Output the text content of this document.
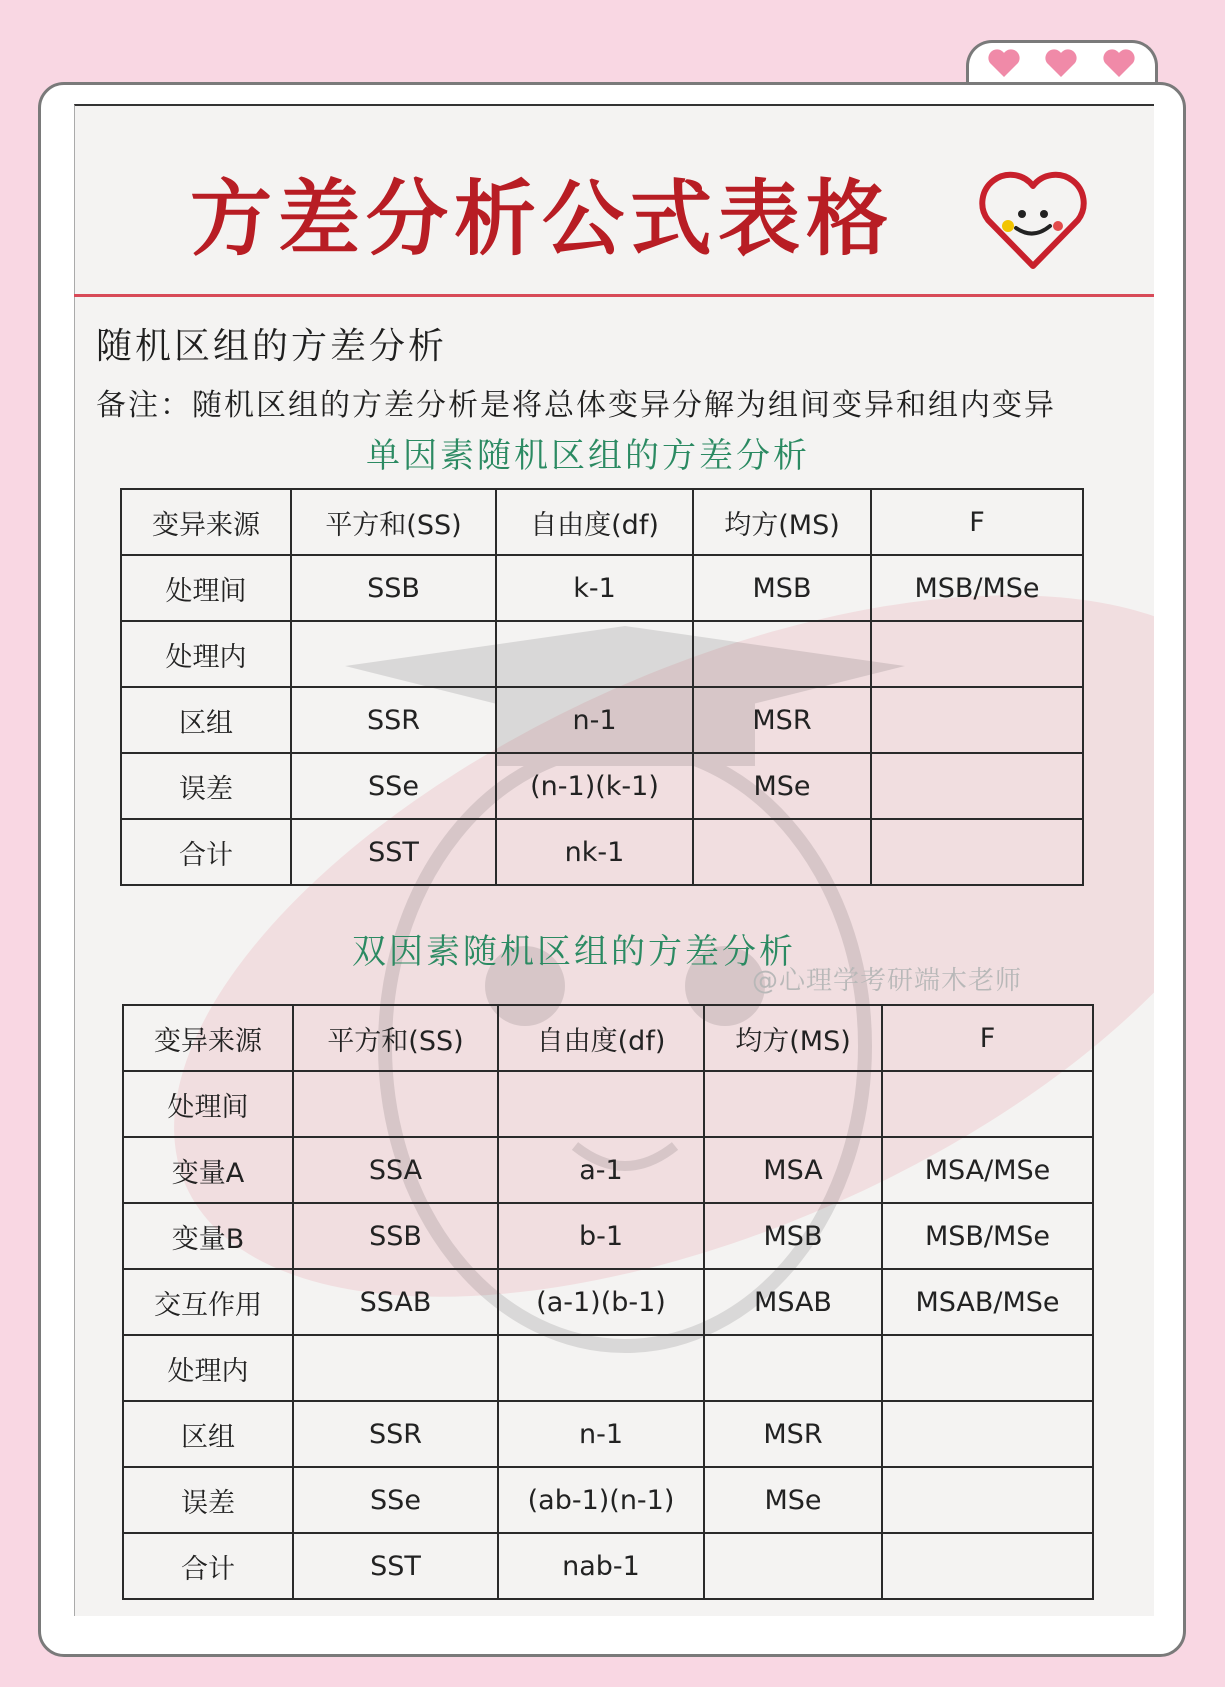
方差分析公式表格
随机区组的方差分析
备注：随机区组的方差分析是将总体变异分解为组间变异和组内变异
单因素随机区组的方差分析
变异来源	平方和(SS)	自由度(df)	均方(MS)	F
处理间	SSB	k-1	MSB	MSB/MSe
处理内				
区组	SSR	n-1	MSR	
误差	SSe	(n-1)(k-1)	MSe	
合计	SST	nk-1		
双因素随机区组的方差分析
@心理学考研端木老师
变异来源	平方和(SS)	自由度(df)	均方(MS)	F
处理间				
变量A	SSA	a-1	MSA	MSA/MSe
变量B	SSB	b-1	MSB	MSB/MSe
交互作用	SSAB	(a-1)(b-1)	MSAB	MSAB/MSe
处理内				
区组	SSR	n-1	MSR	
误差	SSe	(ab-1)(n-1)	MSe	
合计	SST	nab-1		
